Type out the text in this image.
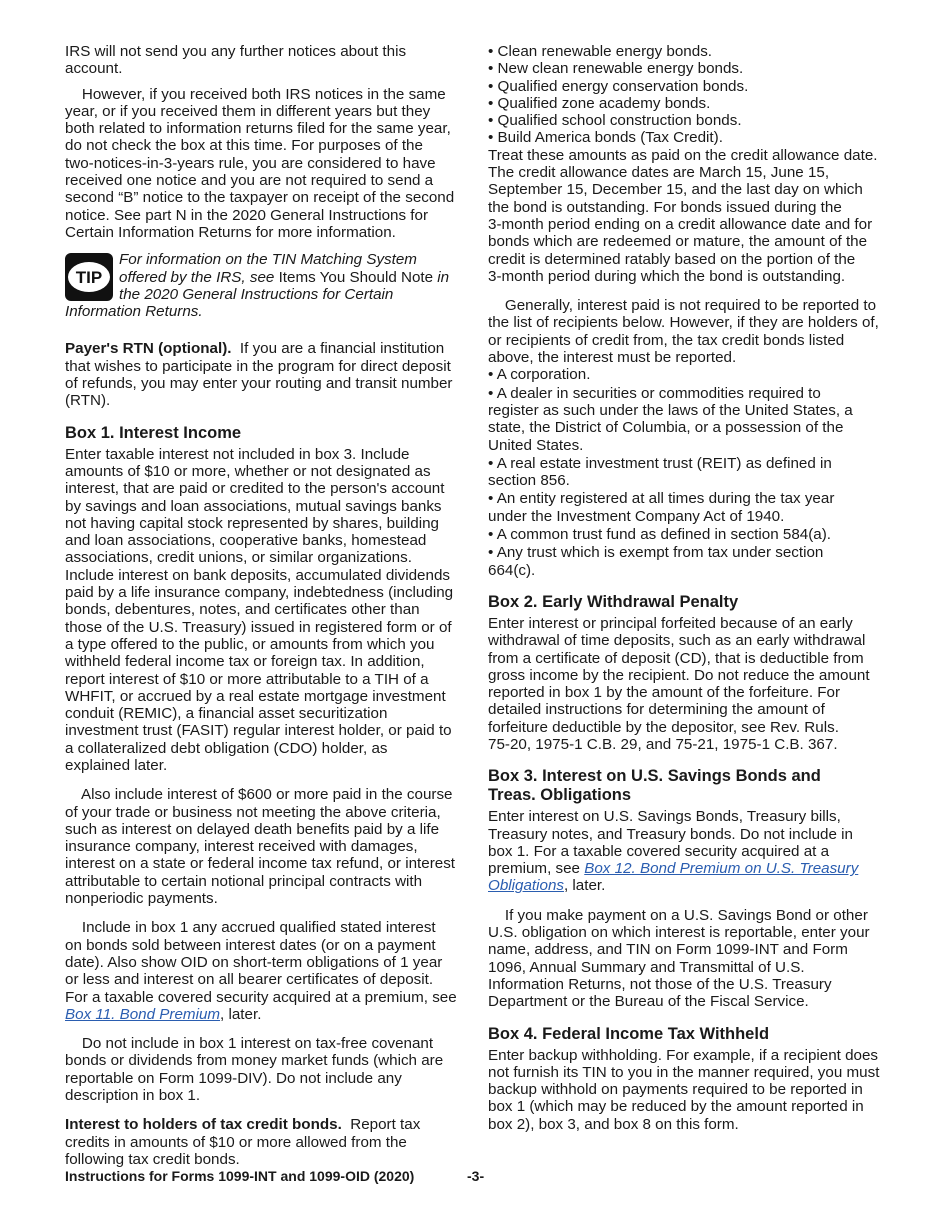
IRS will not send you any further notices about this
account.

However, if you received both IRS notices in the same
year, or if you received them in different years but they
both related to information returns filed for the same year,
do not check the box at this time. For purposes of the
two-notices-in-3-years rule, you are considered to have
received one notice and you are not required to send a
second “B” notice to the taxpayer on receipt of the second
notice. See part N in the 2020 General Instructions for
Certain Information Returns for more information.

TIP
For information on the TIN Matching System
offered by the IRS, see Items You Should Note in
the 2020 General Instructions for Certain
Information Returns.

Payer's RTN (optional).  If you are a financial institution
that wishes to participate in the program for direct deposit
of refunds, you may enter your routing and transit number
(RTN).

Box 1. Interest Income

Enter taxable interest not included in box 3. Include
amounts of $10 or more, whether or not designated as
interest, that are paid or credited to the person's account
by savings and loan associations, mutual savings banks
not having capital stock represented by shares, building
and loan associations, cooperative banks, homestead
associations, credit unions, or similar organizations.
Include interest on bank deposits, accumulated dividends
paid by a life insurance company, indebtedness (including
bonds, debentures, notes, and certificates other than
those of the U.S. Treasury) issued in registered form or of
a type offered to the public, or amounts from which you
withheld federal income tax or foreign tax. In addition,
report interest of $10 or more attributable to a TIH of a
WHFIT, or accrued by a real estate mortgage investment
conduit (REMIC), a financial asset securitization
investment trust (FASIT) regular interest holder, or paid to
a collateralized debt obligation (CDO) holder, as
explained later.

Also include interest of $600 or more paid in the course
of your trade or business not meeting the above criteria,
such as interest on delayed death benefits paid by a life
insurance company, interest received with damages,
interest on a state or federal income tax refund, or interest
attributable to certain notional principal contracts with
nonperiodic payments.

Include in box 1 any accrued qualified stated interest
on bonds sold between interest dates (or on a payment
date). Also show OID on short-term obligations of 1 year
or less and interest on all bearer certificates of deposit.
For a taxable covered security acquired at a premium, see
Box 11. Bond Premium, later.

Do not include in box 1 interest on tax-free covenant
bonds or dividends from money market funds (which are
reportable on Form 1099-DIV). Do not include any
description in box 1.

Interest to holders of tax credit bonds.  Report tax
credits in amounts of $10 or more allowed from the
following tax credit bonds.

• Clean renewable energy bonds.
• New clean renewable energy bonds.
• Qualified energy conservation bonds.
• Qualified zone academy bonds.
• Qualified school construction bonds.
• Build America bonds (Tax Credit).

Treat these amounts as paid on the credit allowance date.
The credit allowance dates are March 15, June 15,
September 15, December 15, and the last day on which
the bond is outstanding. For bonds issued during the
3-month period ending on a credit allowance date and for
bonds which are redeemed or mature, the amount of the
credit is determined ratably based on the portion of the
3-month period during which the bond is outstanding.

Generally, interest paid is not required to be reported to
the list of recipients below. However, if they are holders of,
or recipients of credit from, the tax credit bonds listed
above, the interest must be reported.

• A corporation.
• A dealer in securities or commodities required to
register as such under the laws of the United States, a
state, the District of Columbia, or a possession of the
United States.
• A real estate investment trust (REIT) as defined in
section 856.
• An entity registered at all times during the tax year
under the Investment Company Act of 1940.
• A common trust fund as defined in section 584(a).
• Any trust which is exempt from tax under section
664(c).
Box 2. Early Withdrawal Penalty

Enter interest or principal forfeited because of an early
withdrawal of time deposits, such as an early withdrawal
from a certificate of deposit (CD), that is deductible from
gross income by the recipient. Do not reduce the amount
reported in box 1 by the amount of the forfeiture. For
detailed instructions for determining the amount of
forfeiture deductible by the depositor, see Rev. Ruls.
75-20, 1975-1 C.B. 29, and 75-21, 1975-1 C.B. 367.

Box 3. Interest on U.S. Savings Bonds and
Treas. Obligations

Enter interest on U.S. Savings Bonds, Treasury bills,
Treasury notes, and Treasury bonds. Do not include in
box 1. For a taxable covered security acquired at a
premium, see Box 12. Bond Premium on U.S. Treasury
Obligations, later.

If you make payment on a U.S. Savings Bond or other
U.S. obligation on which interest is reportable, enter your
name, address, and TIN on Form 1099-INT and Form
1096, Annual Summary and Transmittal of U.S.
Information Returns, not those of the U.S. Treasury
Department or the Bureau of the Fiscal Service.

Box 4. Federal Income Tax Withheld

Enter backup withholding. For example, if a recipient does
not furnish its TIN to you in the manner required, you must
backup withhold on payments required to be reported in
box 1 (which may be reduced by the amount reported in
box 2), box 3, and box 8 on this form.

Instructions for Forms 1099-INT and 1099-OID (2020)	-3-
